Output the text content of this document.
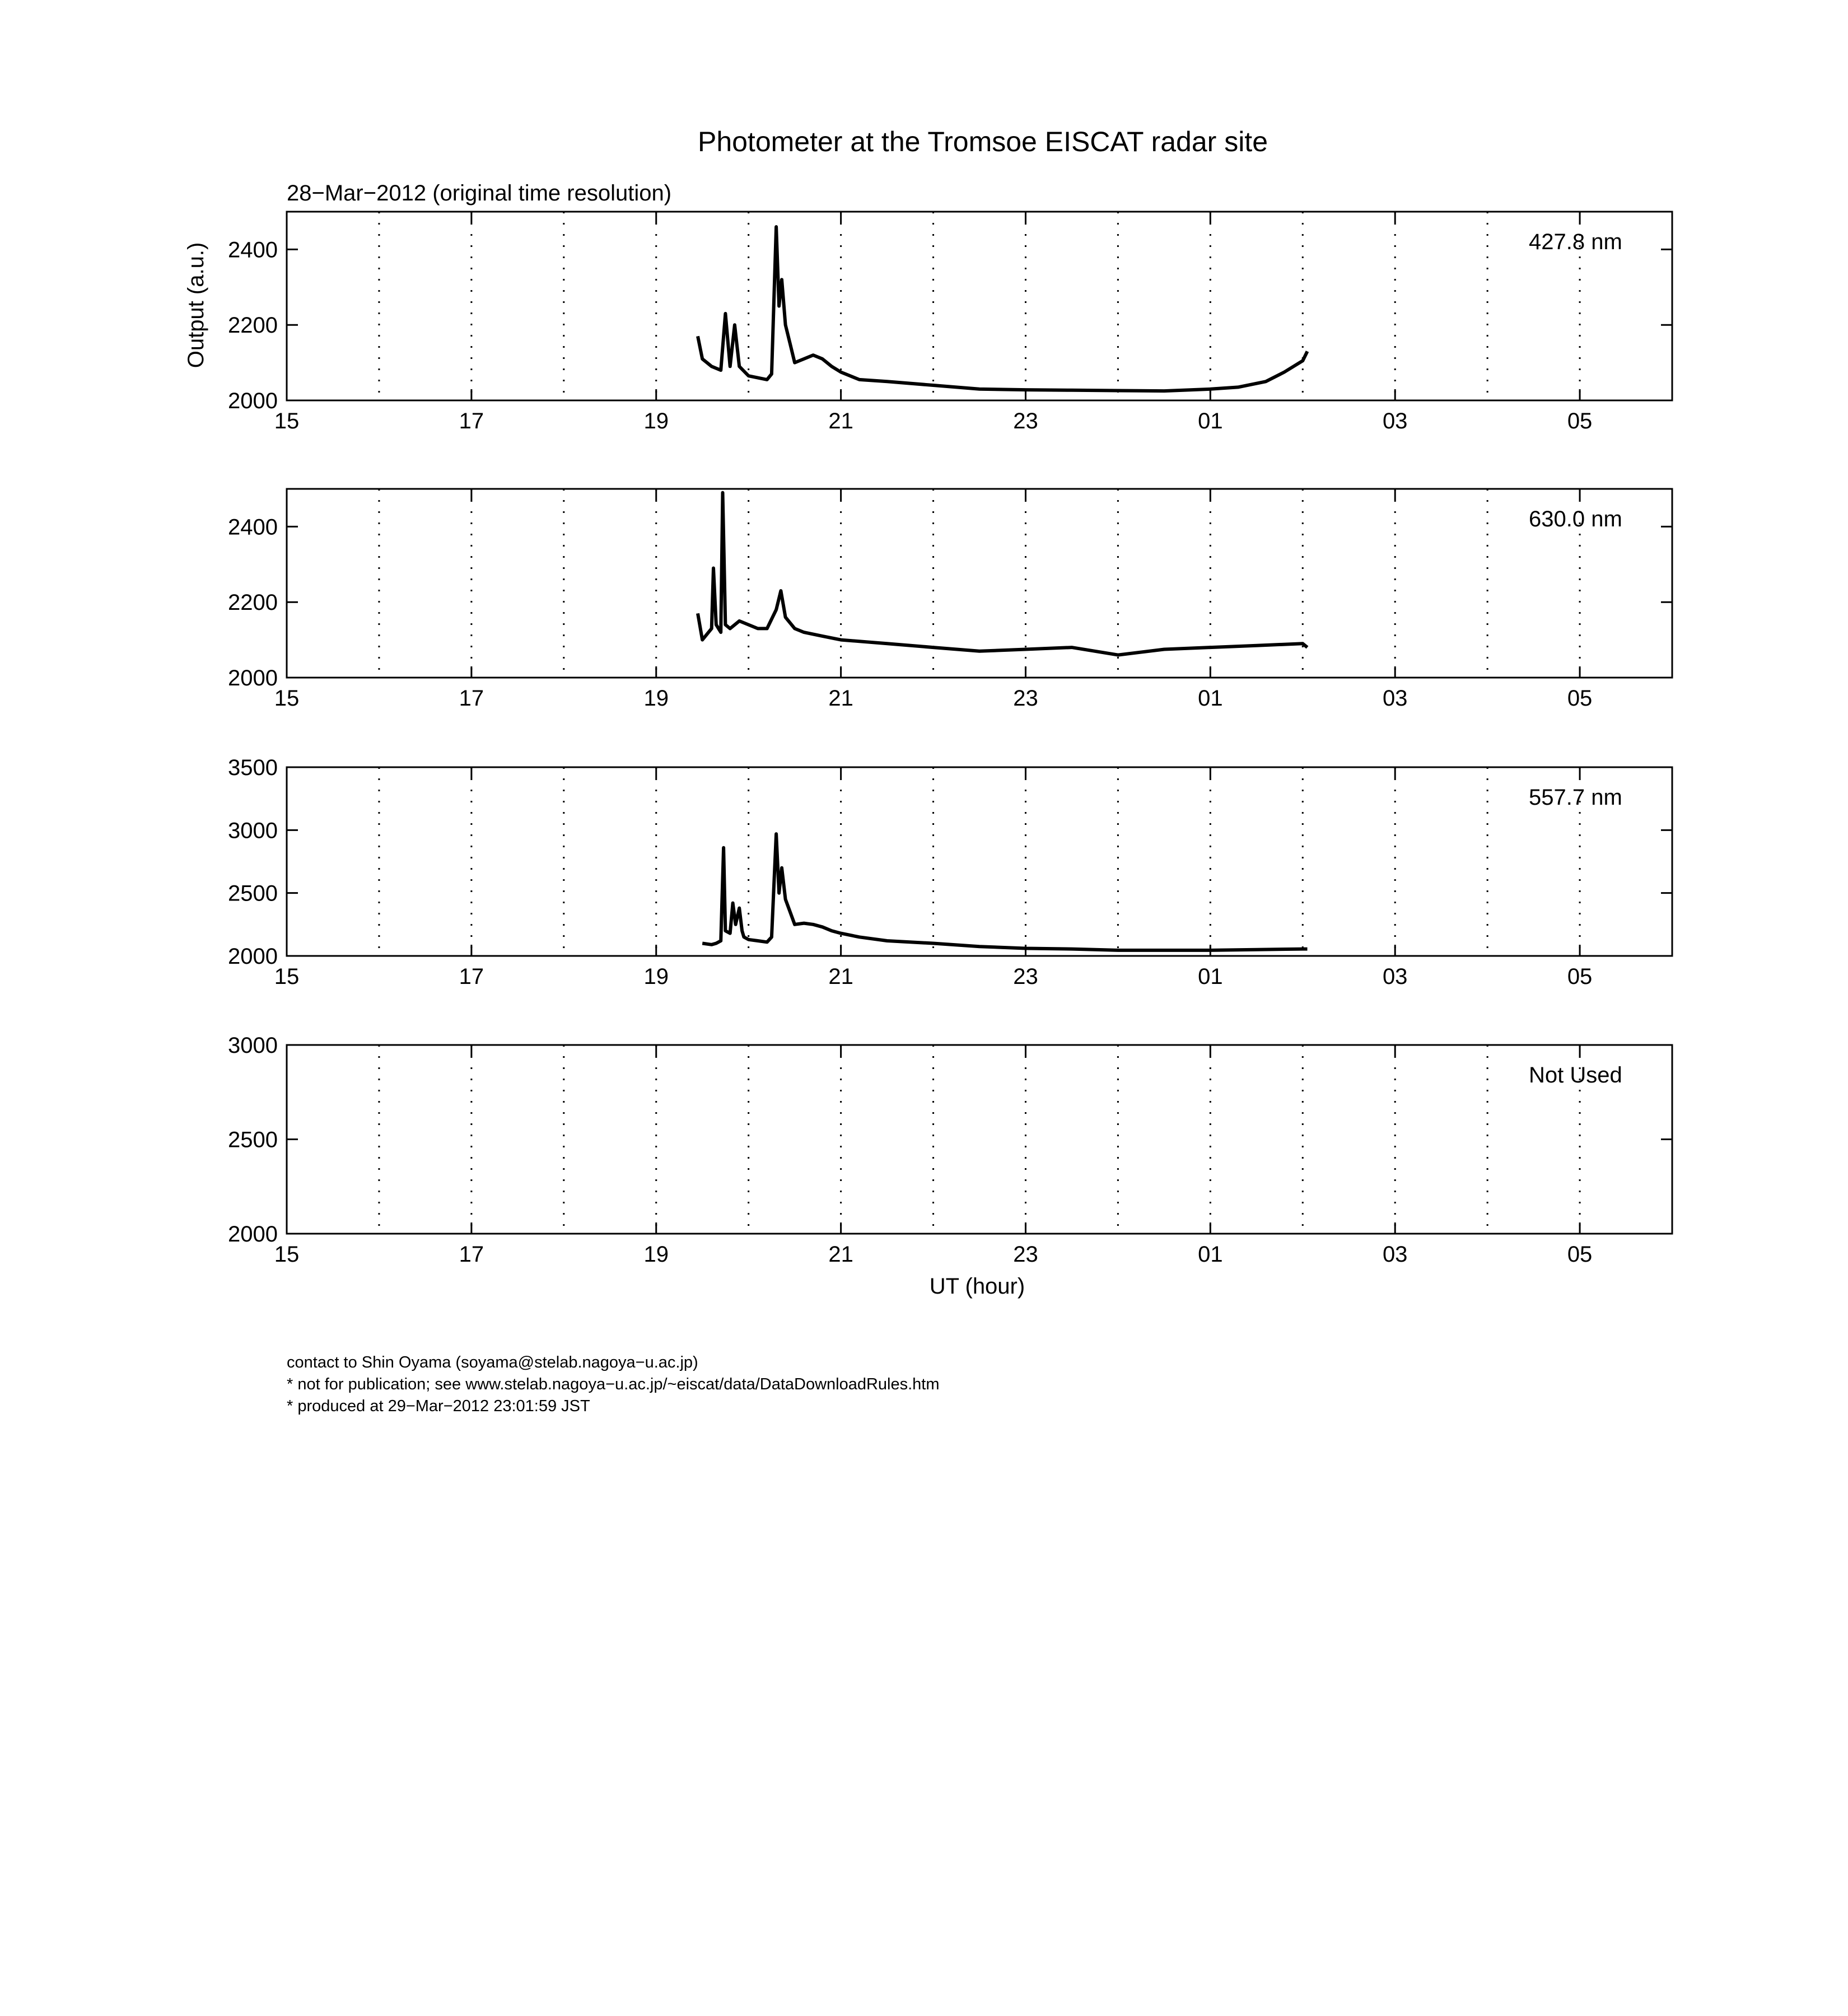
Photometer at the Tromsoe EISCAT radar site
28−Mar−2012 (original time resolution)
Output (a.u.)
UT (hour)
contact to Shin Oyama (soyama@stelab.nagoya−u.ac.jp)
* not for publication; see www.stelab.nagoya−u.ac.jp/~eiscat/data/DataDownloadRules.htm
* produced at 29−Mar−2012 23:01:59 JST
15	17	19	21	23	01	03	05
2000
2200
2400	427.8 nm
15	17	19	21	23	01	03	05
2000
2200
2400	630.0 nm
15	17	19	21	23	01	03	05
2000
2500
3000
3500
557.7 nm
15	17	19	21	23	01	03	05
2000
2500
3000
Not Used
